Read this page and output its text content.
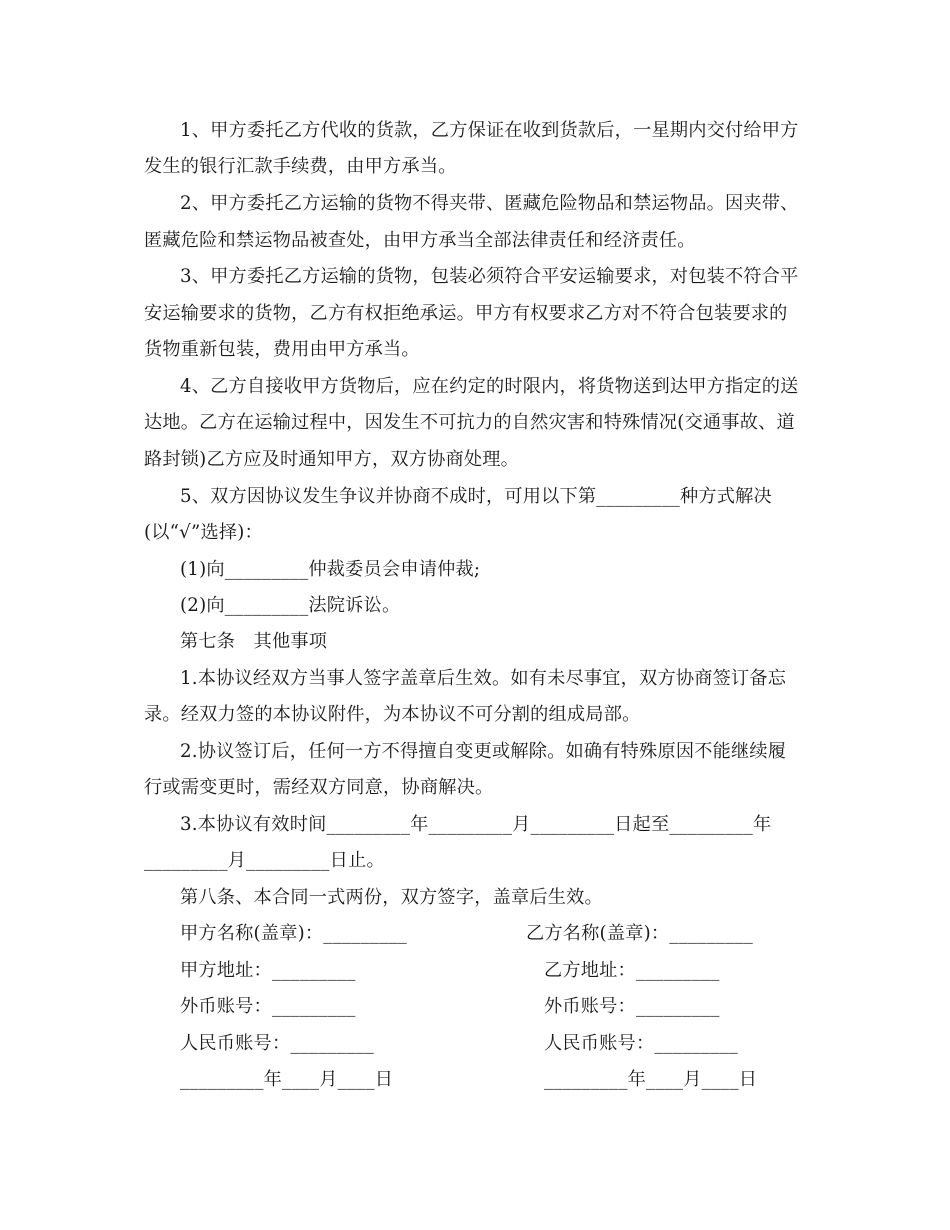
1、甲方委托乙方代收的货款，乙方保证在收到货款后，一星期内交付给甲方
发生的银行汇款手续费，由甲方承当。
2、甲方委托乙方运输的货物不得夹带、匿藏危险物品和禁运物品。因夹带、
匿藏危险和禁运物品被查处，由甲方承当全部法律责任和经济责任。
3、甲方委托乙方运输的货物，包装必须符合平安运输要求，对包装不符合平
安运输要求的货物，乙方有权拒绝承运。甲方有权要求乙方对不符合包装要求的
货物重新包装，费用由甲方承当。
4、乙方自接收甲方货物后，应在约定的时限内，将货物送到达甲方指定的送
达地。乙方在运输过程中，因发生不可抗力的自然灾害和特殊情况(交通事故、道
路封锁)乙方应及时通知甲方，双方协商处理。
5、双方因协议发生争议并协商不成时，可用以下第_________种方式解决
(以“√”选择)：
(1)向_________仲裁委员会申请仲裁;
(2)向_________法院诉讼。
第七条　其他事项
1.本协议经双方当事人签字盖章后生效。如有未尽事宜，双方协商签订备忘
录。经双力签的本协议附件，为本协议不可分割的组成局部。
2.协议签订后，任何一方不得擅自变更或解除。如确有特殊原因不能继续履
行或需变更时，需经双方同意，协商解决。
3.本协议有效时间_________年_________月_________日起至_________年
_________月_________日止。
第八条、本合同一式两份，双方签字，盖章后生效。
甲方名称(盖章)：_________
甲方地址：_________
外币账号：_________
人民币账号：_________
_________年____月____日
乙方名称(盖章)：_________
乙方地址：_________
外币账号：_________
人民币账号：_________
_________年____月____日
